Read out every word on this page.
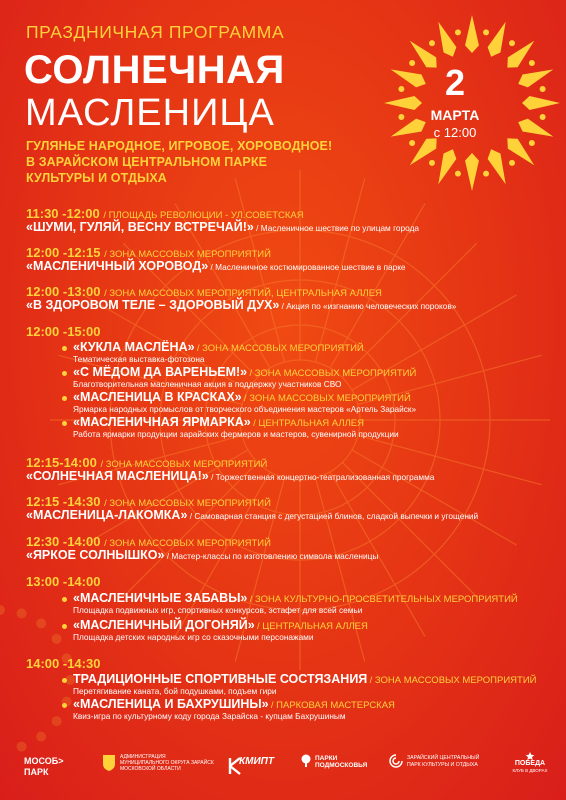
ПРАЗДНИЧНАЯ ПРОГРАММА
СОЛНЕЧНАЯ
МАСЛЕНИЦА
ГУЛЯНЬЕ НАРОДНОЕ, ИГРОВОЕ, ХОРОВОДНОЕ!
В ЗАРАЙСКОМ ЦЕНТРАЛЬНОМ ПАРКЕ
КУЛЬТУРЫ И ОТДЫХА
2
МАРТА
с 12:00
11:30 -12:00 / ПЛОЩАДЬ РЕВОЛЮЦИИ - УЛ.СОВЕТСКАЯ
«ШУМИ, ГУЛЯЙ, ВЕСНУ ВСТРЕЧАЙ!» / Масленичное шествие по улицам города
12:00 -12:15 / ЗОНА МАССОВЫХ МЕРОПРИЯТИЙ
«МАСЛЕНИЧНЫЙ ХОРОВОД» / Масленичное костюмированное шествие в парке
12:00 -13:00 / ЗОНА МАССОВЫХ МЕРОПРИЯТИЙ, ЦЕНТРАЛЬНАЯ АЛЛЕЯ
«В ЗДОРОВОМ ТЕЛЕ – ЗДОРОВЫЙ ДУХ» / Акция по «изгнанию человеческих пороков»
12:00 -15:00
«КУКЛА МАСЛЁНА» / ЗОНА МАССОВЫХ МЕРОПРИЯТИЙ
Тематическая выставка-фотозона
«С МЁДОМ ДА ВАРЕНЬЕМ!» / ЗОНА МАССОВЫХ МЕРОПРИЯТИЙ
Благотворительная масленичная акция в поддержку участников СВО
«МАСЛЕНИЦА В КРАСКАХ» / ЗОНА МАССОВЫХ МЕРОПРИЯТИЙ
Ярмарка народных промыслов от творческого объединения мастеров «Артель Зарайск»
«МАСЛЕНИЧНАЯ ЯРМАРКА» / ЦЕНТРАЛЬНАЯ АЛЛЕЯ
Работа ярмарки продукции зарайских фермеров и мастеров, сувенирной продукции
12:15-14:00 / ЗОНА МАССОВЫХ МЕРОПРИЯТИЙ
«СОЛНЕЧНАЯ МАСЛЕНИЦА!» / Торжественная концертно-театрализованная программа
12:15 -14:30 / ЗОНА МАССОВЫХ МЕРОПРИЯТИЙ
«МАСЛЕНИЦА-ЛАКОМКА» / Самоварная станция с дегустацией блинов, сладкой выпечки и угощений
12:30 -14:00 / ЗОНА МАССОВЫХ МЕРОПРИЯТИЙ
«ЯРКОЕ СОЛНЫШКО» / Мастер-классы по изготовлению символа масленицы
13:00 -14:00
«МАСЛЕНИЧНЫЕ ЗАБАВЫ» / ЗОНА КУЛЬТУРНО-ПРОСВЕТИТЕЛЬНЫХ МЕРОПРИЯТИЙ
Площадка подвижных игр, спортивных конкурсов, эстафет для всей семьи
«МАСЛЕНИЧНЫЙ ДОГОНЯЙ» / ЦЕНТРАЛЬНАЯ АЛЛЕЯ
Площадка детских народных игр со сказочными персонажами
14:00 -14:30
ТРАДИЦИОННЫЕ СПОРТИВНЫЕ СОСТЯЗАНИЯ / ЗОНА МАССОВЫХ МЕРОПРИЯТИЙ
Перетягивание каната, бой подушками, подъем гири
«МАСЛЕНИЦА И БАХРУШИНЫ» / ПАРКОВАЯ МАСТЕРСКАЯ
Квиз-игра по культурному коду города Зарайска - купцам Бахрушиным
МОСОБ>
ПАРК
АДМИНИСТРАЦИЯ
МУНИЦИПАЛЬНОГО ОКРУГА ЗАРАЙСК
МОСКОВСКОЙ ОБЛАСТИ
КМИПТ	ПАРКИ
ПОДМОСКОВЬЯ
ЗАРАЙСКИЙ ЦЕНТРАЛЬНЫЙ
ПАРК КУЛЬТУРЫ И ОТДЫХА	ПОБЕДА
КЛУБ В ДВОРАХ
